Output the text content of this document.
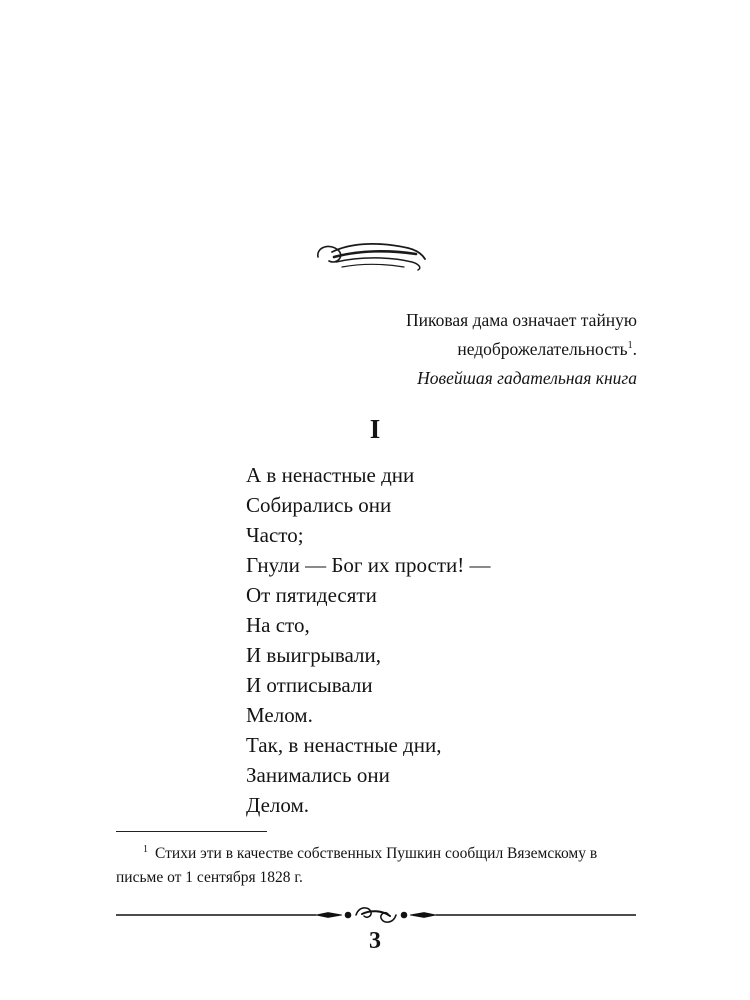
Пиковая дама означает тайную
недоброжелательность$^1$.
Новейшая гадательная книга
I
А в ненастные дни
Собирались они
Часто;
Гнули — Бог их прости! —
От пятидесяти
На сто,
И выигрывали,
И отписывали
Мелом.
Так, в ненастные дни,
Занимались они
Делом.
$^1$ Стихи эти в качестве собственных Пушкин сообщил Вяземскому в письме от 1 сентября 1828 г.
3
